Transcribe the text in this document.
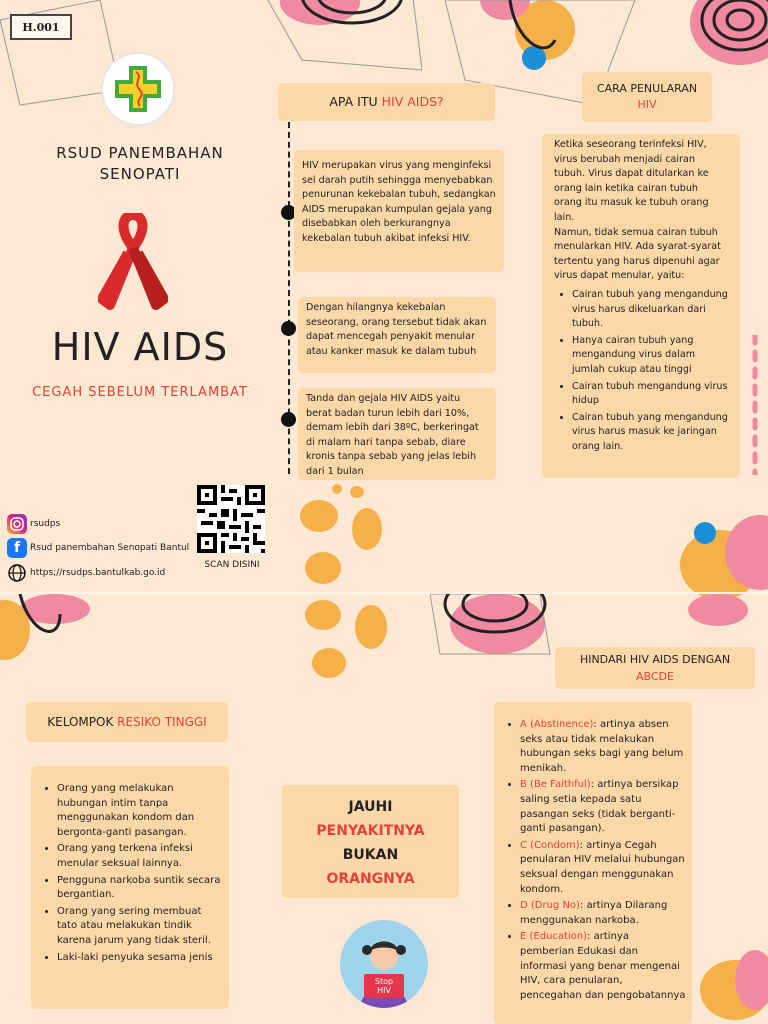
H.001
RSUD PANEMBAHAN SENOPATI
HIV AIDS
CEGAH SEBELUM TERLAMBAT
rsudps
f	Rsud panembahan Senopati Bantul
https;//rsudps.bantulkab.go.id
SCAN DISINI
APA ITU
HIV AIDS?
HIV merupakan virus yang menginfeksi sel darah putih sehingga menyebabkan penurunan kekebalan tubuh, sedangkan AIDS merupakan kumpulan gejala yang disebabkan oleh berkurangnya kekebalan tubuh akibat infeksi HIV.
Dengan hilangnya kekebalan seseorang, orang tersebut tidak akan dapat mencegah penyakit menular atau kanker masuk ke dalam tubuh
Tanda dan gejala HIV AIDS yaitu berat badan turun lebih dari 10%, demam lebih dari 38ºC, berkeringat di malam hari tanpa sebab, diare kronis tanpa sebab yang jelas lebih dari 1 bulan
CARA PENULARAN
HIV
Ketika seseorang terinfeksi HIV, virus berubah menjadi cairan tubuh. Virus dapat ditularkan ke orang lain ketika cairan tubuh orang itu masuk ke tubuh orang lain.
Namun, tidak semua cairan tubuh menularkan HIV. Ada syarat-syarat tertentu yang harus dipenuhi agar virus dapat menular, yaitu:
• Cairan tubuh yang mengandung virus harus dikeluarkan dari tubuh.
• Hanya cairan tubuh yang mengandung virus dalam jumlah cukup atau tinggi
• Cairan tubuh mengandung virus hidup
• Cairan tubuh yang mengandung virus harus masuk ke jaringan orang lain.
KELOMPOK
RESIKO TINGGI
• Orang yang melakukan hubungan intim tanpa menggunakan kondom dan bergonta-ganti pasangan.
• Orang yang terkena infeksi menular seksual lainnya.
• Pengguna narkoba suntik secara bergantian.
• Orang yang sering membuat tato atau melakukan tindik karena jarum yang tidak steril.
• Laki-laki penyuka sesama jenis
JAUHI
PENYAKITNYA
BUKAN
ORANGNYA
Stop
HIV
HINDARI HIV AIDS DENGAN
ABCDE
• A (Abstinence): artinya absen seks atau tidak melakukan hubungan seks bagi yang belum menikah.
• B (Be Faithful): artinya bersikap saling setia kepada satu pasangan seks (tidak berganti-ganti pasangan).
• C (Condom): artinya Cegah penularan HIV melalui hubungan seksual dengan menggunakan kondom.
• D (Drug No): artinya Dilarang menggunakan narkoba.
• E (Education): artinya pemberian Edukasi dan informasi yang benar mengenai HIV, cara penularan, pencegahan dan pengobatannya
